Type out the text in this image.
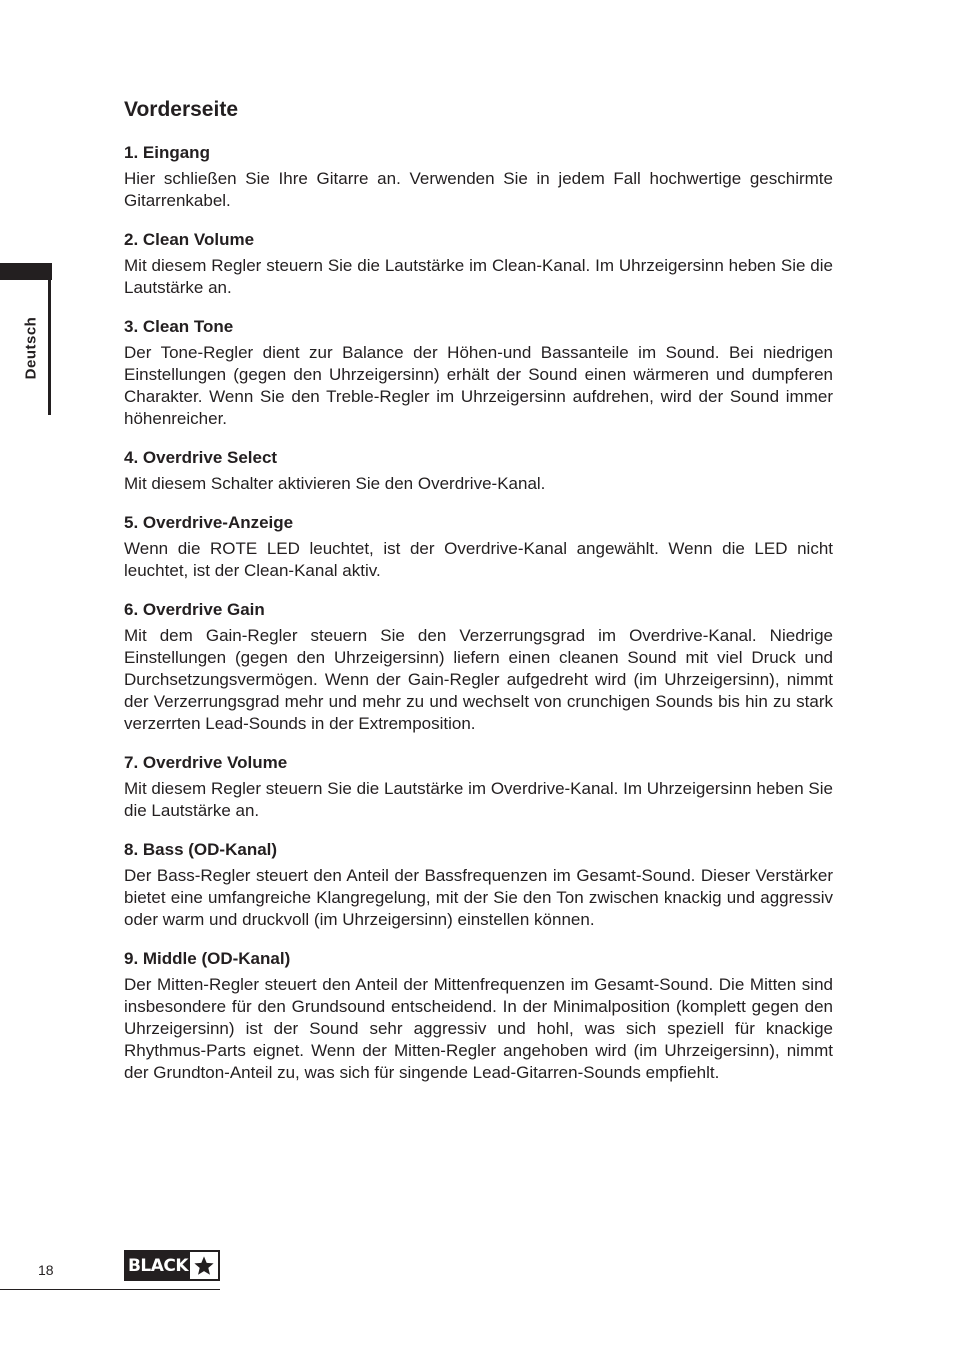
Deutsch
Vorderseite
1. Eingang

Hier schließen Sie Ihre Gitarre an. Verwenden Sie in jedem Fall hochwertige geschirmte Gitarrenkabel.

2. Clean Volume

Mit diesem Regler steuern Sie die Lautstärke im Clean-Kanal. Im Uhrzeigersinn heben Sie die Lautstärke an.

3. Clean Tone

Der Tone-Regler dient zur Balance der Höhen-und Bassanteile im Sound. Bei niedrigen Einstellungen (gegen den Uhrzeigersinn) erhält der Sound einen wärmeren und dumpferen Charakter. Wenn Sie den Treble-Regler im Uhrzeigersinn aufdrehen, wird der Sound immer höhenreicher.

4. Overdrive Select

Mit diesem Schalter aktivieren Sie den Overdrive-Kanal.

5. Overdrive-Anzeige

Wenn die ROTE LED leuchtet, ist der Overdrive-Kanal angewählt. Wenn die LED nicht leuchtet, ist der Clean-Kanal aktiv.

6. Overdrive Gain

Mit dem Gain-Regler steuern Sie den Verzerrungsgrad im Overdrive-Kanal. Niedrige Einstellungen (gegen den Uhrzeigersinn) liefern einen cleanen Sound mit viel Druck und Durchsetzungsvermögen. Wenn der Gain-Regler aufgedreht wird (im Uhrzeigersinn), nimmt der Verzerrungsgrad mehr und mehr zu und wechselt von crunchigen Sounds bis hin zu stark verzerrten Lead-Sounds in der Extremposition.

7. Overdrive Volume

Mit diesem Regler steuern Sie die Lautstärke im Overdrive-Kanal. Im Uhrzeigersinn heben Sie die Lautstärke an.

8. Bass (OD-Kanal)

Der Bass-Regler steuert den Anteil der Bassfrequenzen im Gesamt-Sound. Dieser Verstärker bietet eine umfangreiche Klangregelung, mit der Sie den Ton zwischen knackig und aggressiv oder warm und druckvoll (im Uhrzeigersinn) einstellen können.

9. Middle (OD-Kanal)

Der Mitten-Regler steuert den Anteil der Mittenfrequenzen im Gesamt-Sound. Die Mitten sind insbesondere für den Grundsound entscheidend. In der Minimalposition (komplett gegen den Uhrzeigersinn) ist der Sound sehr aggressiv und hohl, was sich speziell für knackige Rhythmus-Parts eignet. Wenn der Mitten-Regler angehoben wird (im Uhrzeigersinn), nimmt der Grundton-Anteil zu, was sich für singende Lead-Gitarren-Sounds empfiehlt.

18	BLACK
